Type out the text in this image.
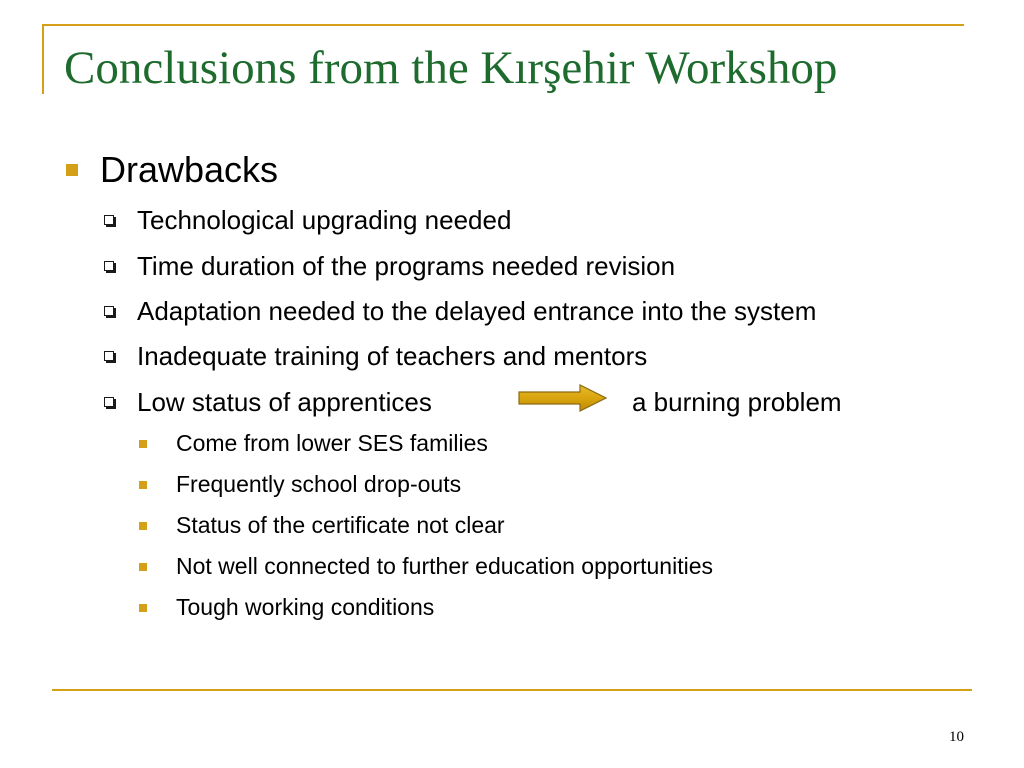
Conclusions from the Kırşehir Workshop
Drawbacks
Technological upgrading needed
Time duration of the programs needed revision
Adaptation needed to the delayed entrance into the system
Inadequate training of teachers and mentors
Low status of apprentices	a burning problem
Come from lower SES families
Frequently school drop-outs
Status of the certificate not clear
Not well connected to further education opportunities
Tough working conditions
10
